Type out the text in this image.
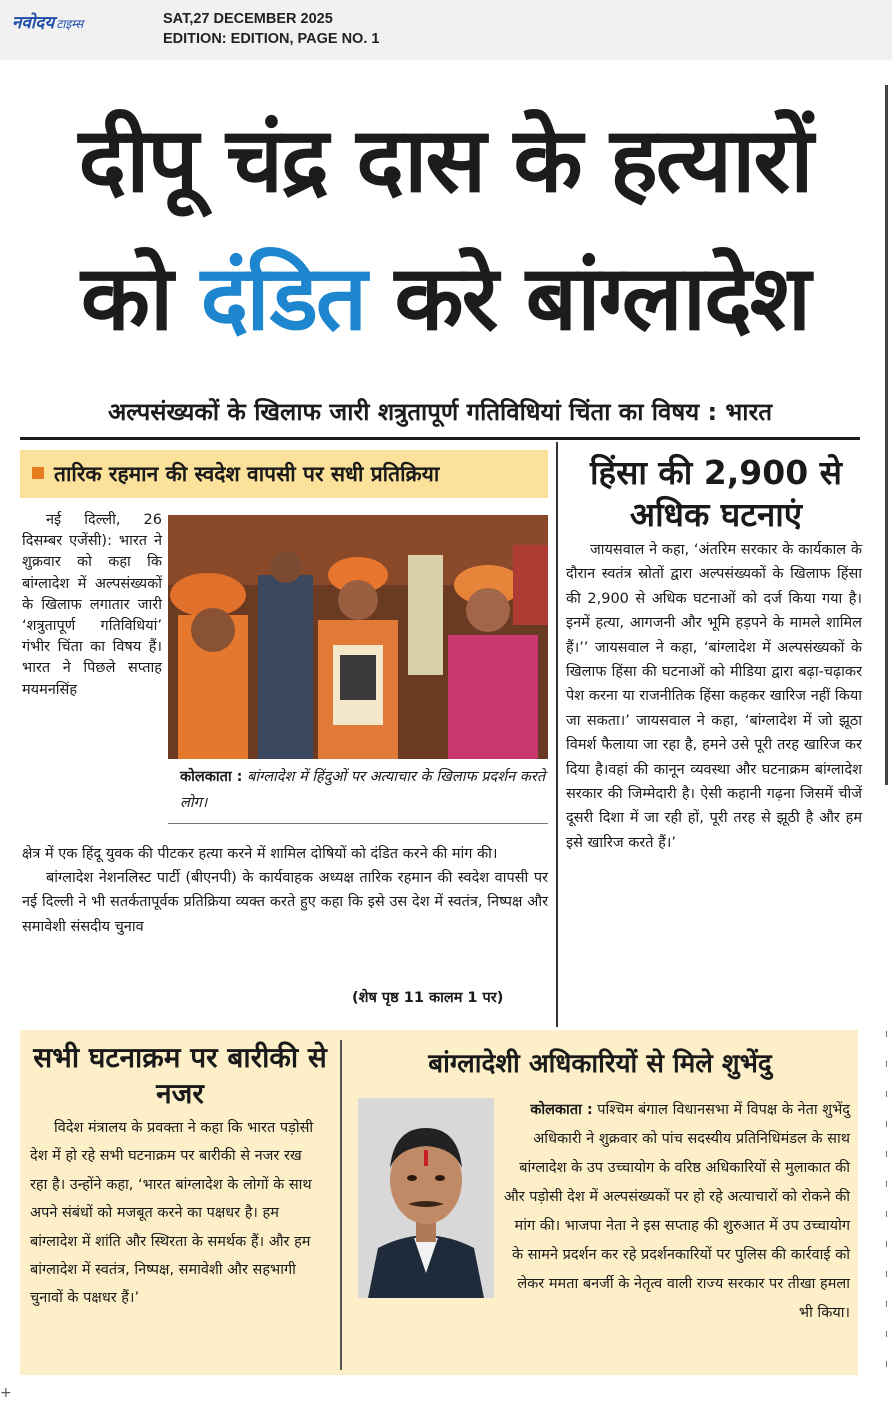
नवोदय टाइम्स	SAT,27 DECEMBER 2025
EDITION: EDITION, PAGE NO. 1
। । । । । । । । । । । ।
+
दीपू चंद्र दास के हत्यारों
को दंडित करे बांग्लादेश
अल्पसंख्यकों के खिलाफ जारी शत्रुतापूर्ण गतिविधियां चिंता का विषय : भारत
तारिक रहमान की स्वदेश वापसी पर सधी प्रतिक्रिया
नई दिल्ली, 26 दिसम्बर एजेंसी): भारत ने शुक्रवार को कहा कि बांग्लादेश में अल्पसंख्यकों के खिलाफ लगातार जारी ‘शत्रुतापूर्ण गतिविधियां’ गंभीर चिंता का विषय हैं। भारत ने पिछले सप्ताह मयमनसिंह
कोलकाता : बांग्लादेश में हिंदुओं पर अत्याचार के खिलाफ प्रदर्शन करते लोग।

क्षेत्र में एक हिंदू युवक की पीटकर हत्या करने में शामिल दोषियों को दंडित करने की मांग की।

बांग्लादेश नेशनलिस्ट पार्टी (बीएनपी) के कार्यवाहक अध्यक्ष तारिक रहमान की स्वदेश वापसी पर नई दिल्ली ने भी सतर्कतापूर्वक प्रतिक्रिया व्यक्त करते हुए कहा कि इसे उस देश में स्वतंत्र, निष्पक्ष और समावेशी संसदीय चुनाव

(शेष पृष्ठ 11 कालम 1 पर)
हिंसा की 2,900 से अधिक घटनाएं
जायसवाल ने कहा, ‘अंतरिम सरकार के कार्यकाल के दौरान स्वतंत्र स्रोतों द्वारा अल्पसंख्यकों के खिलाफ हिंसा की 2,900 से अधिक घटनाओं को दर्ज किया गया है। इनमें हत्या, आगजनी और भूमि हड़पने के मामले शामिल हैं।’’ जायसवाल ने कहा, ‘बांग्लादेश में अल्पसंख्यकों के खिलाफ हिंसा की घटनाओं को मीडिया द्वारा बढ़ा-चढ़ाकर पेश करना या राजनीतिक हिंसा कहकर खारिज नहीं किया जा सकता।’ जायसवाल ने कहा, ‘बांग्लादेश में जो झूठा विमर्श फैलाया जा रहा है, हमने उसे पूरी तरह खारिज कर दिया है।वहां की कानून व्यवस्था और घटनाक्रम बांग्लादेश सरकार की जिम्मेदारी है। ऐसी कहानी गढ़ना जिसमें चीजें दूसरी दिशा में जा रही हों, पूरी तरह से झूठी है और हम इसे खारिज करते हैं।’
सभी घटनाक्रम पर बारीकी से नजर
विदेश मंत्रालय के प्रवक्ता ने कहा कि भारत पड़ोसी देश में हो रहे सभी घटनाक्रम पर बारीकी से नजर रख रहा है। उन्होंने कहा, ‘भारत बांग्लादेश के लोगों के साथ अपने संबंधों को मजबूत करने का पक्षधर है। हम बांग्लादेश में शांति और स्थिरता के समर्थक हैं। और हम बांग्लादेश में स्वतंत्र, निष्पक्ष, समावेशी और सहभागी चुनावों के पक्षधर हैं।’
बांग्लादेशी अधिकारियों से मिले शुभेंदु
कोलकाता : पश्चिम बंगाल विधानसभा में विपक्ष के नेता शुभेंदु अधिकारी ने शुक्रवार को पांच सदस्यीय प्रतिनिधिमंडल के साथ बांग्लादेश के उप उच्चायोग के वरिष्ठ अधिकारियों से मुलाकात की और पड़ोसी देश में अल्पसंख्यकों पर हो रहे अत्याचारों को रोकने की मांग की। भाजपा नेता ने इस सप्ताह की शुरुआत में उप उच्चायोग के सामने प्रदर्शन कर रहे प्रदर्शनकारियों पर पुलिस की कार्रवाई को लेकर ममता बनर्जी के नेतृत्व वाली राज्य सरकार पर तीखा हमला भी किया।
